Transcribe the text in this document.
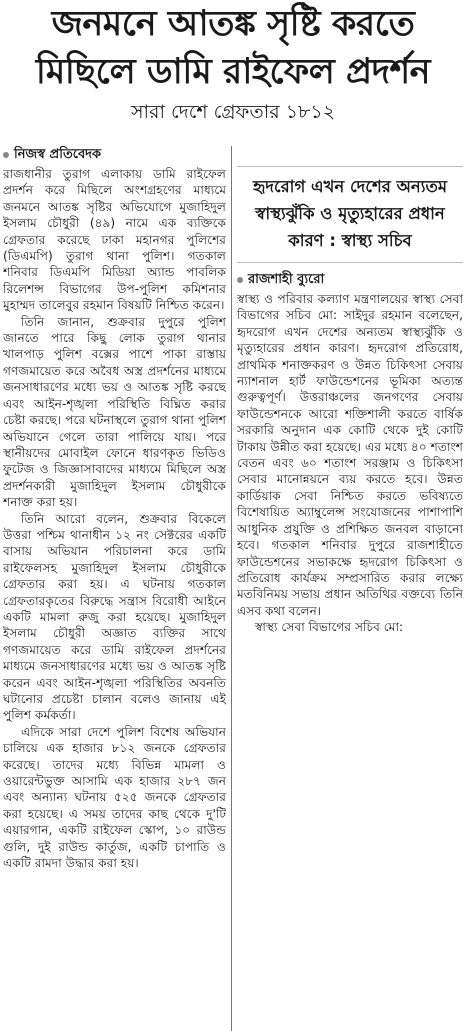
জনমনে আতঙ্ক সৃষ্টি করতে
মিছিলে ডামি রাইফেল প্রদর্শন
সারা দেশে গ্রেফতার ১৮১২
নিজস্ব প্রতিবেদক

রাজধানীর তুরাগ এলাকায় ডামি রাইফেল প্রদর্শন করে মিছিলে অংশগ্রহণের মাধ্যমে জনমনে আতঙ্ক সৃষ্টির অভিযোগে মুজাহিদুল ইসলাম চৌধুরী (৪৯) নামে এক ব্যক্তিকে গ্রেফতার করেছে ঢাকা মহানগর পুলিশের (ডিএমপি) তুরাগ থানা পুলিশ। গতকাল শনিবার ডিএমপি মিডিয়া অ্যান্ড পাবলিক রিলেশন্স বিভাগের উপ-পুলিশ কমিশনার মুহাম্মদ তালেবুর রহমান বিষয়টি নিশ্চিত করেন।

তিনি জানান, শুক্রবার দুপুরে পুলিশ জানতে পারে কিছু লোক তুরাগ থানার খালপাড় পুলিশ বক্সের পাশে পাকা রাস্তায় গণজমায়েত করে অবৈধ অস্ত্র প্রদর্শনের মাধ্যমে জনসাধারণের মধ্যে ভয় ও আতঙ্ক সৃষ্টি করছে এবং আইন-শৃঙ্খলা পরিস্থিতি বিঘ্নিত করার চেষ্টা করছে। পরে ঘটনাস্থলে তুরাগ থানা পুলিশ অভিযানে গেলে তারা পালিয়ে যায়। পরে স্থানীয়দের মোবাইল ফোনে ধারণকৃত ভিডিও ফুটেজ ও জিজ্ঞাসাবাদের মাধ্যমে মিছিলে অস্ত্র প্রদর্শনকারী মুজাহিদুল ইসলাম চৌধুরীকে শনাক্ত করা হয়।

তিনি আরো বলেন, শুক্রবার বিকেলে উত্তরা পশ্চিম থানাধীন ১২ নং সেক্টরের একটি বাসায় অভিযান পরিচালনা করে ডামি রাইফেলসহ মুজাহিদুল ইসলাম চৌধুরীকে গ্রেফতার করা হয়। এ ঘটনায় গতকাল গ্রেফতারকৃতের বিরুদ্ধে সন্ত্রাস বিরোধী আইনে একটি মামলা রুজু করা হয়েছে। মুজাহিদুল ইসলাম চৌধুরী অজ্ঞাত ব্যক্তির সাথে গণজমায়েত করে ডামি রাইফেল প্রদর্শনের মাধ্যমে জনসাধারণের মধ্যে ভয় ও আতঙ্ক সৃষ্টি করেন এবং আইন-শৃঙ্খলা পরিস্থিতির অবনতি ঘটানোর প্রচেষ্টা চালান বলেও জানায় এই পুলিশ কর্মকর্তা।

এদিকে সারা দেশে পুলিশ বিশেষ অভিযান চালিয়ে এক হাজার ৮১২ জনকে গ্রেফতার করেছে। তাদের মধ্যে বিভিন্ন মামলা ও ওয়ারেন্টভুক্ত আসামি এক হাজার ২৮৭ জন এবং অন্যান্য ঘটনায় ৫২৫ জনকে গ্রেফতার করা হয়েছে। এ সময় তাদের কাছ থেকে দু'টি এয়ারগান, একটি রাইফেল স্কোপ, ১০ রাউন্ড গুলি, দুই রাউন্ড কার্তুজ, একটি চাপাতি ও একটি রামদা উদ্ধার করা হয়।

হৃদরোগ এখন দেশের অন্যতম স্বাস্থ্যঝুঁকি ও মৃত্যুহারের প্রধান কারণ : স্বাস্থ্য সচিব
রাজশাহী ব্যুরো

স্বাস্থ্য ও পরিবার কল্যাণ মন্ত্রণালয়ের স্বাস্থ্য সেবা বিভাগের সচিব মো: সাইদুর রহমান বলেছেন, হৃদরোগ এখন দেশের অন্যতম স্বাস্থ্যঝুঁকি ও মৃত্যুহারের প্রধান কারণ। হৃদরোগ প্রতিরোধ, প্রাথমিক শনাক্তকরণ ও উন্নত চিকিৎসা সেবায় ন্যাশনাল হার্ট ফাউন্ডেশনের ভূমিকা অত্যন্ত গুরুত্বপূর্ণ। উত্তরাঞ্চলের জনগণের সেবায় ফাউন্ডেশনকে আরো শক্তিশালী করতে বার্ষিক সরকারি অনুদান এক কোটি থেকে দুই কোটি টাকায় উন্নীত করা হয়েছে। এর মধ্যে ৪০ শতাংশ বেতন এবং ৬০ শতাংশ সরঞ্জাম ও চিকিৎসা সেবার মানোন্নয়নে ব্যয় করতে হবে। উন্নত কার্ডিয়াক সেবা নিশ্চিত করতে ভবিষ্যতে বিশেষায়িত অ্যাম্বুলেন্স সংযোজনের পাশাপাশি আধুনিক প্রযুক্তি ও প্রশিক্ষিত জনবল বাড়ানো হবে। গতকাল শনিবার দুপুরে রাজশাহীতে ফাউন্ডেশনের সভাকক্ষে হৃদরোগ চিকিৎসা ও প্রতিরোধ কার্যক্রম সম্প্রসারিত করার লক্ষ্যে মতবিনিময় সভায় প্রধান অতিথির বক্তব্যে তিনি এসব কথা বলেন।

স্বাস্থ্য সেবা বিভাগের সচিব মো:
